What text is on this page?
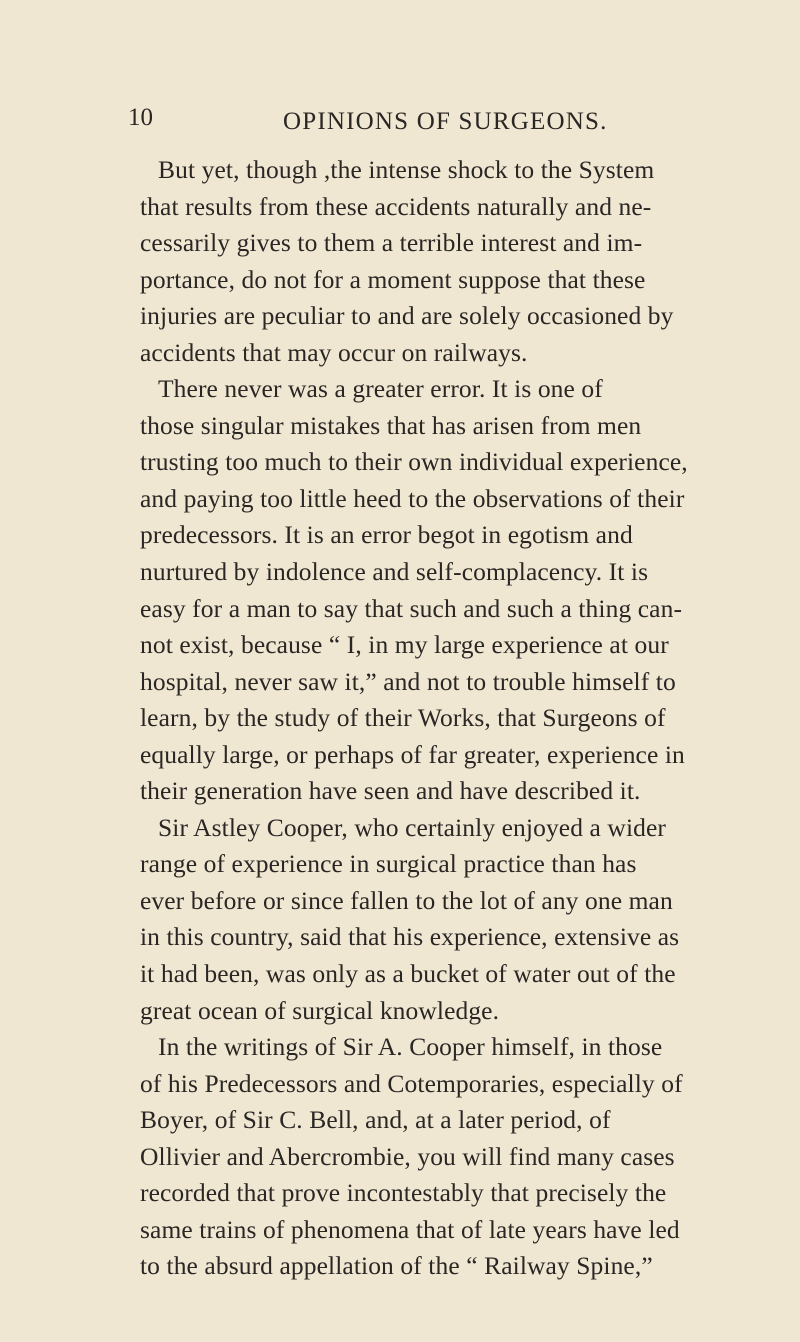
10	OPINIONS OF SURGEONS.
But yet, though ,the intense shock to the System
that results from these accidents naturally and ne-
cessarily gives to them a terrible interest and im-
portance, do not for a moment suppose that these
injuries are peculiar to and are solely occasioned by
accidents that may occur on railways.
There never was a greater error. It is one of
those singular mistakes that has arisen from men
trusting too much to their own individual experience,
and paying too little heed to the observations of their
predecessors. It is an error begot in egotism and
nurtured by indolence and self-complacency. It is
easy for a man to say that such and such a thing can-
not exist, because “ I, in my large experience at our
hospital, never saw it,” and not to trouble himself to
learn, by the study of their Works, that Surgeons of
equally large, or perhaps of far greater, experience in
their generation have seen and have described it.
Sir Astley Cooper, who certainly enjoyed a wider
range of experience in surgical practice than has
ever before or since fallen to the lot of any one man
in this country, said that his experience, extensive as
it had been, was only as a bucket of water out of the
great ocean of surgical knowledge.
In the writings of Sir A. Cooper himself, in those
of his Predecessors and Cotemporaries, especially of
Boyer, of Sir C. Bell, and, at a later period, of
Ollivier and Abercrombie, you will find many cases
recorded that prove incontestably that precisely the
same trains of phenomena that of late years have led
to the absurd appellation of the “ Railway Spine,”
